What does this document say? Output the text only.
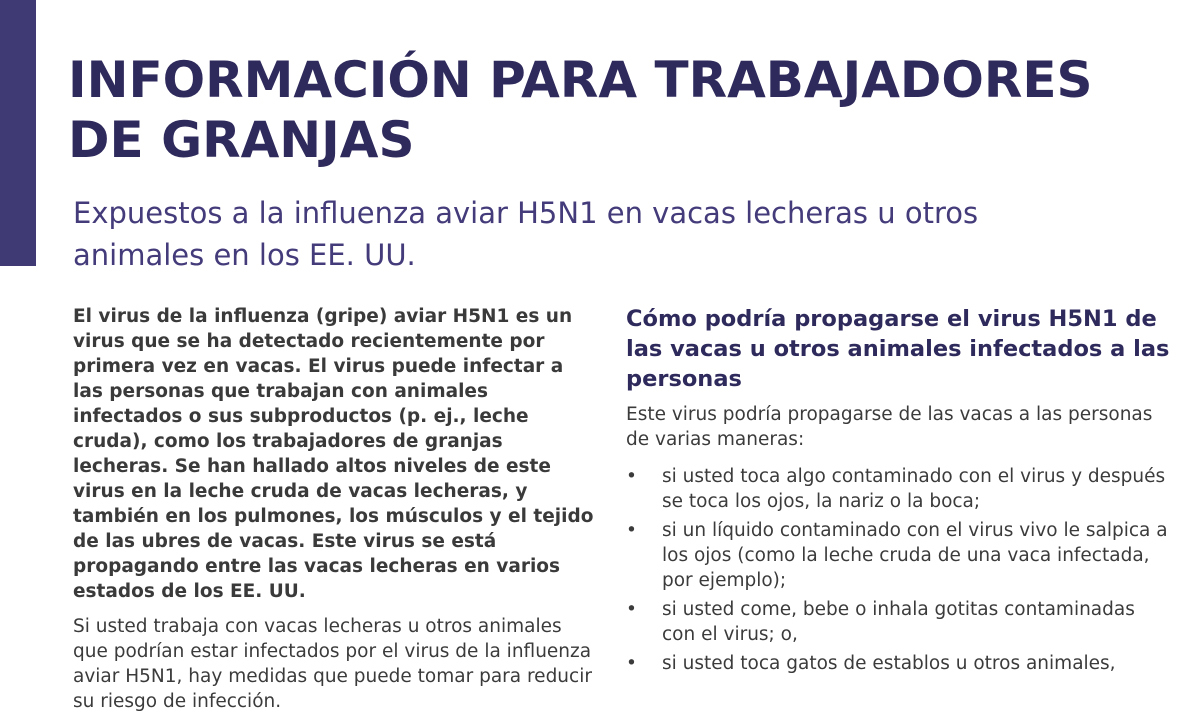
INFORMACIÓN PARA TRABAJADORES
DE GRANJAS
Expuestos a la influenza aviar H5N1 en vacas lecheras u otros
animales en los EE. UU.

El virus de la influenza (gripe) aviar H5N1 es un virus que se ha detectado recientemente por primera vez en vacas. El virus puede infectar a las personas que trabajan con animales infectados o sus subproductos (p. ej., leche cruda), como los trabajadores de granjas lecheras. Se han hallado altos niveles de este virus en la leche cruda de vacas lecheras, y también en los pulmones, los músculos y el tejido de las ubres de vacas. Este virus se está propagando entre las vacas lecheras en varios estados de los EE. UU.

Si usted trabaja con vacas lecheras u otros animales que podrían estar infectados por el virus de la influenza aviar H5N1, hay medidas que puede tomar para reducir su riesgo de infección.

Cómo podría propagarse el virus H5N1 de las vacas u otros animales infectados a las personas

Este virus podría propagarse de las vacas a las personas de varias maneras:

•	si usted toca algo contaminado con el virus y después se toca los ojos, la nariz o la boca;
•	si un líquido contaminado con el virus vivo le salpica a los ojos (como la leche cruda de una vaca infectada, por ejemplo);
•	si usted come, bebe o inhala gotitas contaminadas con el virus; o,
•	si usted toca gatos de establos u otros animales,
